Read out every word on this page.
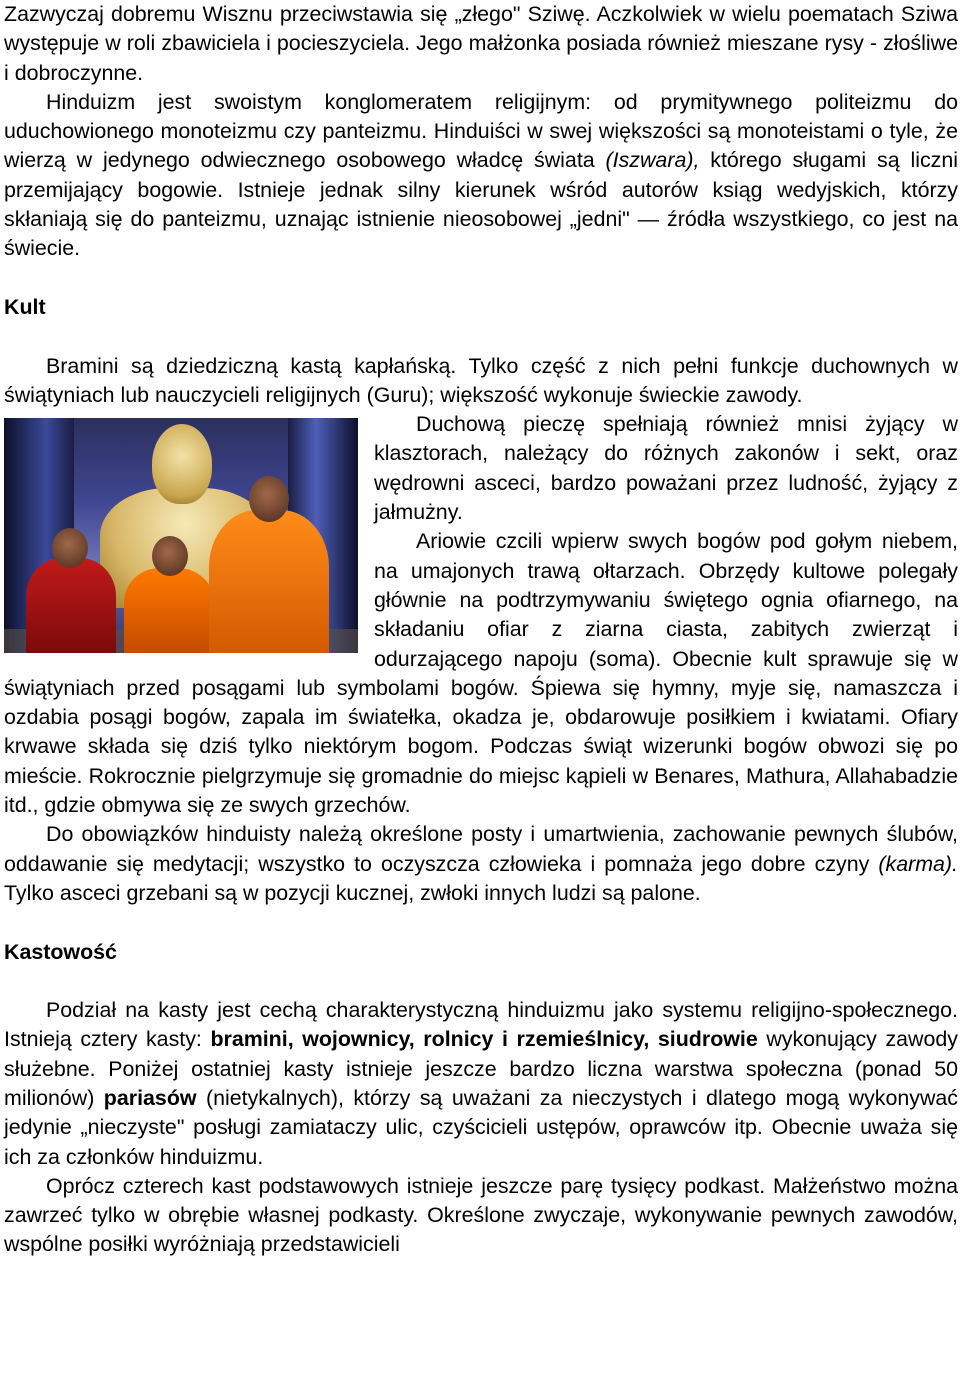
Zazwyczaj dobremu Wisznu przeciwstawia się „złego" Sziwę. Aczkolwiek w wielu poematach Sziwa występuje w roli zbawiciela i pocieszyciela. Jego małżonka posiada również mieszane rysy - złośliwe i dobroczynne.

Hinduizm jest swoistym konglomeratem religijnym: od prymitywnego politeizmu do uduchowionego monoteizmu czy panteizmu. Hinduiści w swej większości są monoteistami o tyle, że wierzą w jedynego odwiecznego osobowego władcę świata (Iszwara), którego sługami są liczni przemijający bogowie. Istnieje jednak silny kierunek wśród autorów ksiąg wedyjskich, którzy skłaniają się do panteizmu, uznając istnienie nieosobowej „jedni" — źródła wszystkiego, co jest na świecie.

Kult

Bramini są dziedziczną kastą kapłańską. Tylko część z nich pełni funkcje duchownych w świątyniach lub nauczycieli religijnych (Guru); większość wykonuje świeckie zawody.

Duchową pieczę spełniają również mnisi żyjący w klasztorach, należący do różnych zakonów i sekt, oraz wędrowni asceci, bardzo poważani przez ludność, żyjący z jałmużny.

Ariowie czcili wpierw swych bogów pod gołym niebem, na umajonych trawą ołtarzach. Obrzędy kultowe polegały głównie na podtrzymywaniu świętego ognia ofiarnego, na składaniu ofiar z ziarna ciasta, zabitych zwierząt i odurzającego napoju (soma). Obecnie kult sprawuje się w świątyniach przed posągami lub symbolami bogów. Śpiewa się hymny, myje się, namaszcza i ozdabia posągi bogów, zapala im światełka, okadza je, obdarowuje posiłkiem i kwiatami. Ofiary krwawe składa się dziś tylko niektórym bogom. Podczas świąt wizerunki bogów obwozi się po mieście. Rokrocznie pielgrzymuje się gromadnie do miejsc kąpieli w Benares, Mathura, Allahabadzie itd., gdzie obmywa się ze swych grzechów.

Do obowiązków hinduisty należą określone posty i umartwienia, zachowanie pewnych ślubów, oddawanie się medytacji; wszystko to oczyszcza człowieka i pomnaża jego dobre czyny (karma). Tylko asceci grzebani są w pozycji kucznej, zwłoki innych ludzi są palone.

Kastowość

Podział na kasty jest cechą charakterystyczną hinduizmu jako systemu religijno-społecznego. Istnieją cztery kasty: bramini, wojownicy, rolnicy i rzemieślnicy, siudrowie wykonujący zawody służebne. Poniżej ostatniej kasty istnieje jeszcze bardzo liczna warstwa społeczna (ponad 50 milionów) pariasów (nietykalnych), którzy są uważani za nieczystych i dlatego mogą wykonywać jedynie „nieczyste" posługi zamiataczy ulic, czyścicieli ustępów, oprawców itp. Obecnie uważa się ich za członków hinduizmu.

Oprócz czterech kast podstawowych istnieje jeszcze parę tysięcy podkast. Małżeństwo można zawrzeć tylko w obrębie własnej podkasty. Określone zwyczaje, wykonywanie pewnych zawodów, wspólne posiłki wyróżniają przedstawicieli
